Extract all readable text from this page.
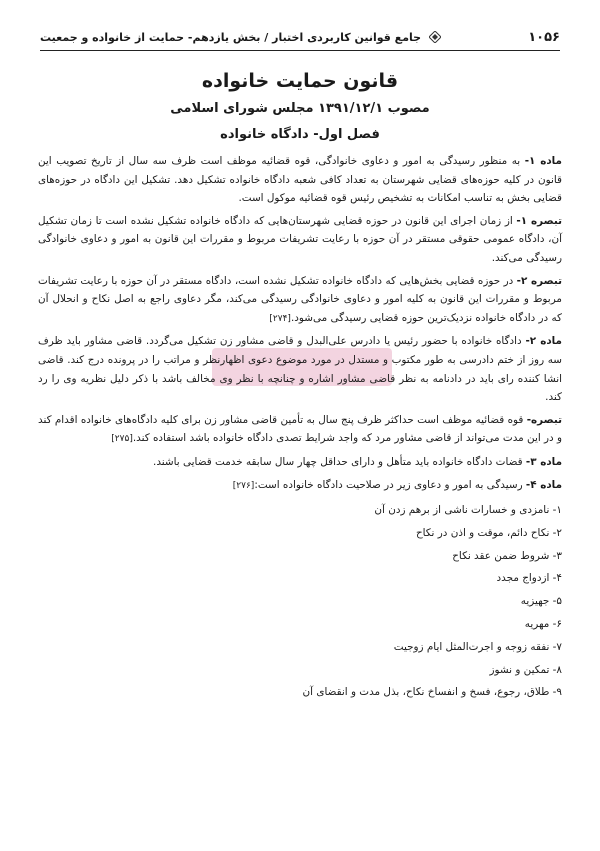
۱۰۵۶
جامع قوانین کاربردی اختبار / بخش یازدهم- حمایت از خانواده و جمعیت

قانون حمایت خانواده

مصوب ۱۳۹۱/۱۲/۱ مجلس شورای اسلامی

فصل اول- دادگاه خانواده

ماده ۱- به منظور رسیدگی به امور و دعاوی خانوادگی، قوه قضائیه موظف است ظرف سه سال از تاریخ تصویب این قانون در کلیه حوزه‌های قضایی شهرستان به تعداد کافی شعبه دادگاه خانواده تشکیل دهد. تشکیل این دادگاه در حوزه‌های قضایی بخش به تناسب امکانات به تشخیص رئیس قوه قضائیه موکول است.

تبصره ۱- از زمان اجرای این قانون در حوزه قضایی شهرستان‌هایی که دادگاه خانواده تشکیل نشده است تا زمان تشکیل آن، دادگاه عمومی حقوقی مستقر در آن حوزه با رعایت تشریفات مربوط و مقررات این قانون به امور و دعاوی خانوادگی رسیدگی می‌کند.

تبصره ۲- در حوزه قضایی بخش‌هایی که دادگاه خانواده تشکیل نشده است، دادگاه مستقر در آن حوزه با رعایت تشریفات مربوط و مقررات این قانون به کلیه امور و دعاوی خانوادگی رسیدگی می‌کند، مگر دعاوی راجع به اصل نکاح و انحلال آن که در دادگاه خانواده نزدیک‌ترین حوزه قضایی رسیدگی می‌شود.[۲۷۴]

ماده ۲- دادگاه خانواده با حضور رئیس یا دادرس علی‌البدل و قاضی مشاور زن تشکیل می‌گردد. قاضی مشاور باید ظرف سه روز از ختم دادرسی به طور مکتوب و مستدل در مورد موضوع دعوی اظهارنظر و مراتب را در پرونده درج کند. قاضی انشا کننده رای باید در دادنامه به نظر قاضی مشاور اشاره و چنانچه با نظر وی مخالف باشد با ذکر دلیل نظریه وی را رد کند.

تبصره- قوه قضائیه موظف است حداکثر ظرف پنج سال به تأمین قاضی مشاور زن برای کلیه دادگاه‌های خانواده اقدام کند و در این مدت می‌تواند از قاضی مشاور مرد که واجد شرایط تصدی دادگاه خانواده باشد استفاده کند.[۲۷۵]

ماده ۳- قضات دادگاه خانواده باید متأهل و دارای حداقل چهار سال سابقه خدمت قضایی باشند.

ماده ۴- رسیدگی به امور و دعاوی زیر در صلاحیت دادگاه خانواده است:[۲۷۶]

۱- نامزدی و خسارات ناشی از برهم زدن آن
۲- نکاح دائم، موقت و اذن در نکاح
۳- شروط ضمن عقد نکاح
۴- ازدواج مجدد
۵- جهیزیه
۶- مهریه
۷- نفقه زوجه و اجرت‌المثل ایام زوجیت
۸- تمکین و نشوز
۹- طلاق، رجوع، فسخ و انفساخ نکاح، بذل مدت و انقضای آن
